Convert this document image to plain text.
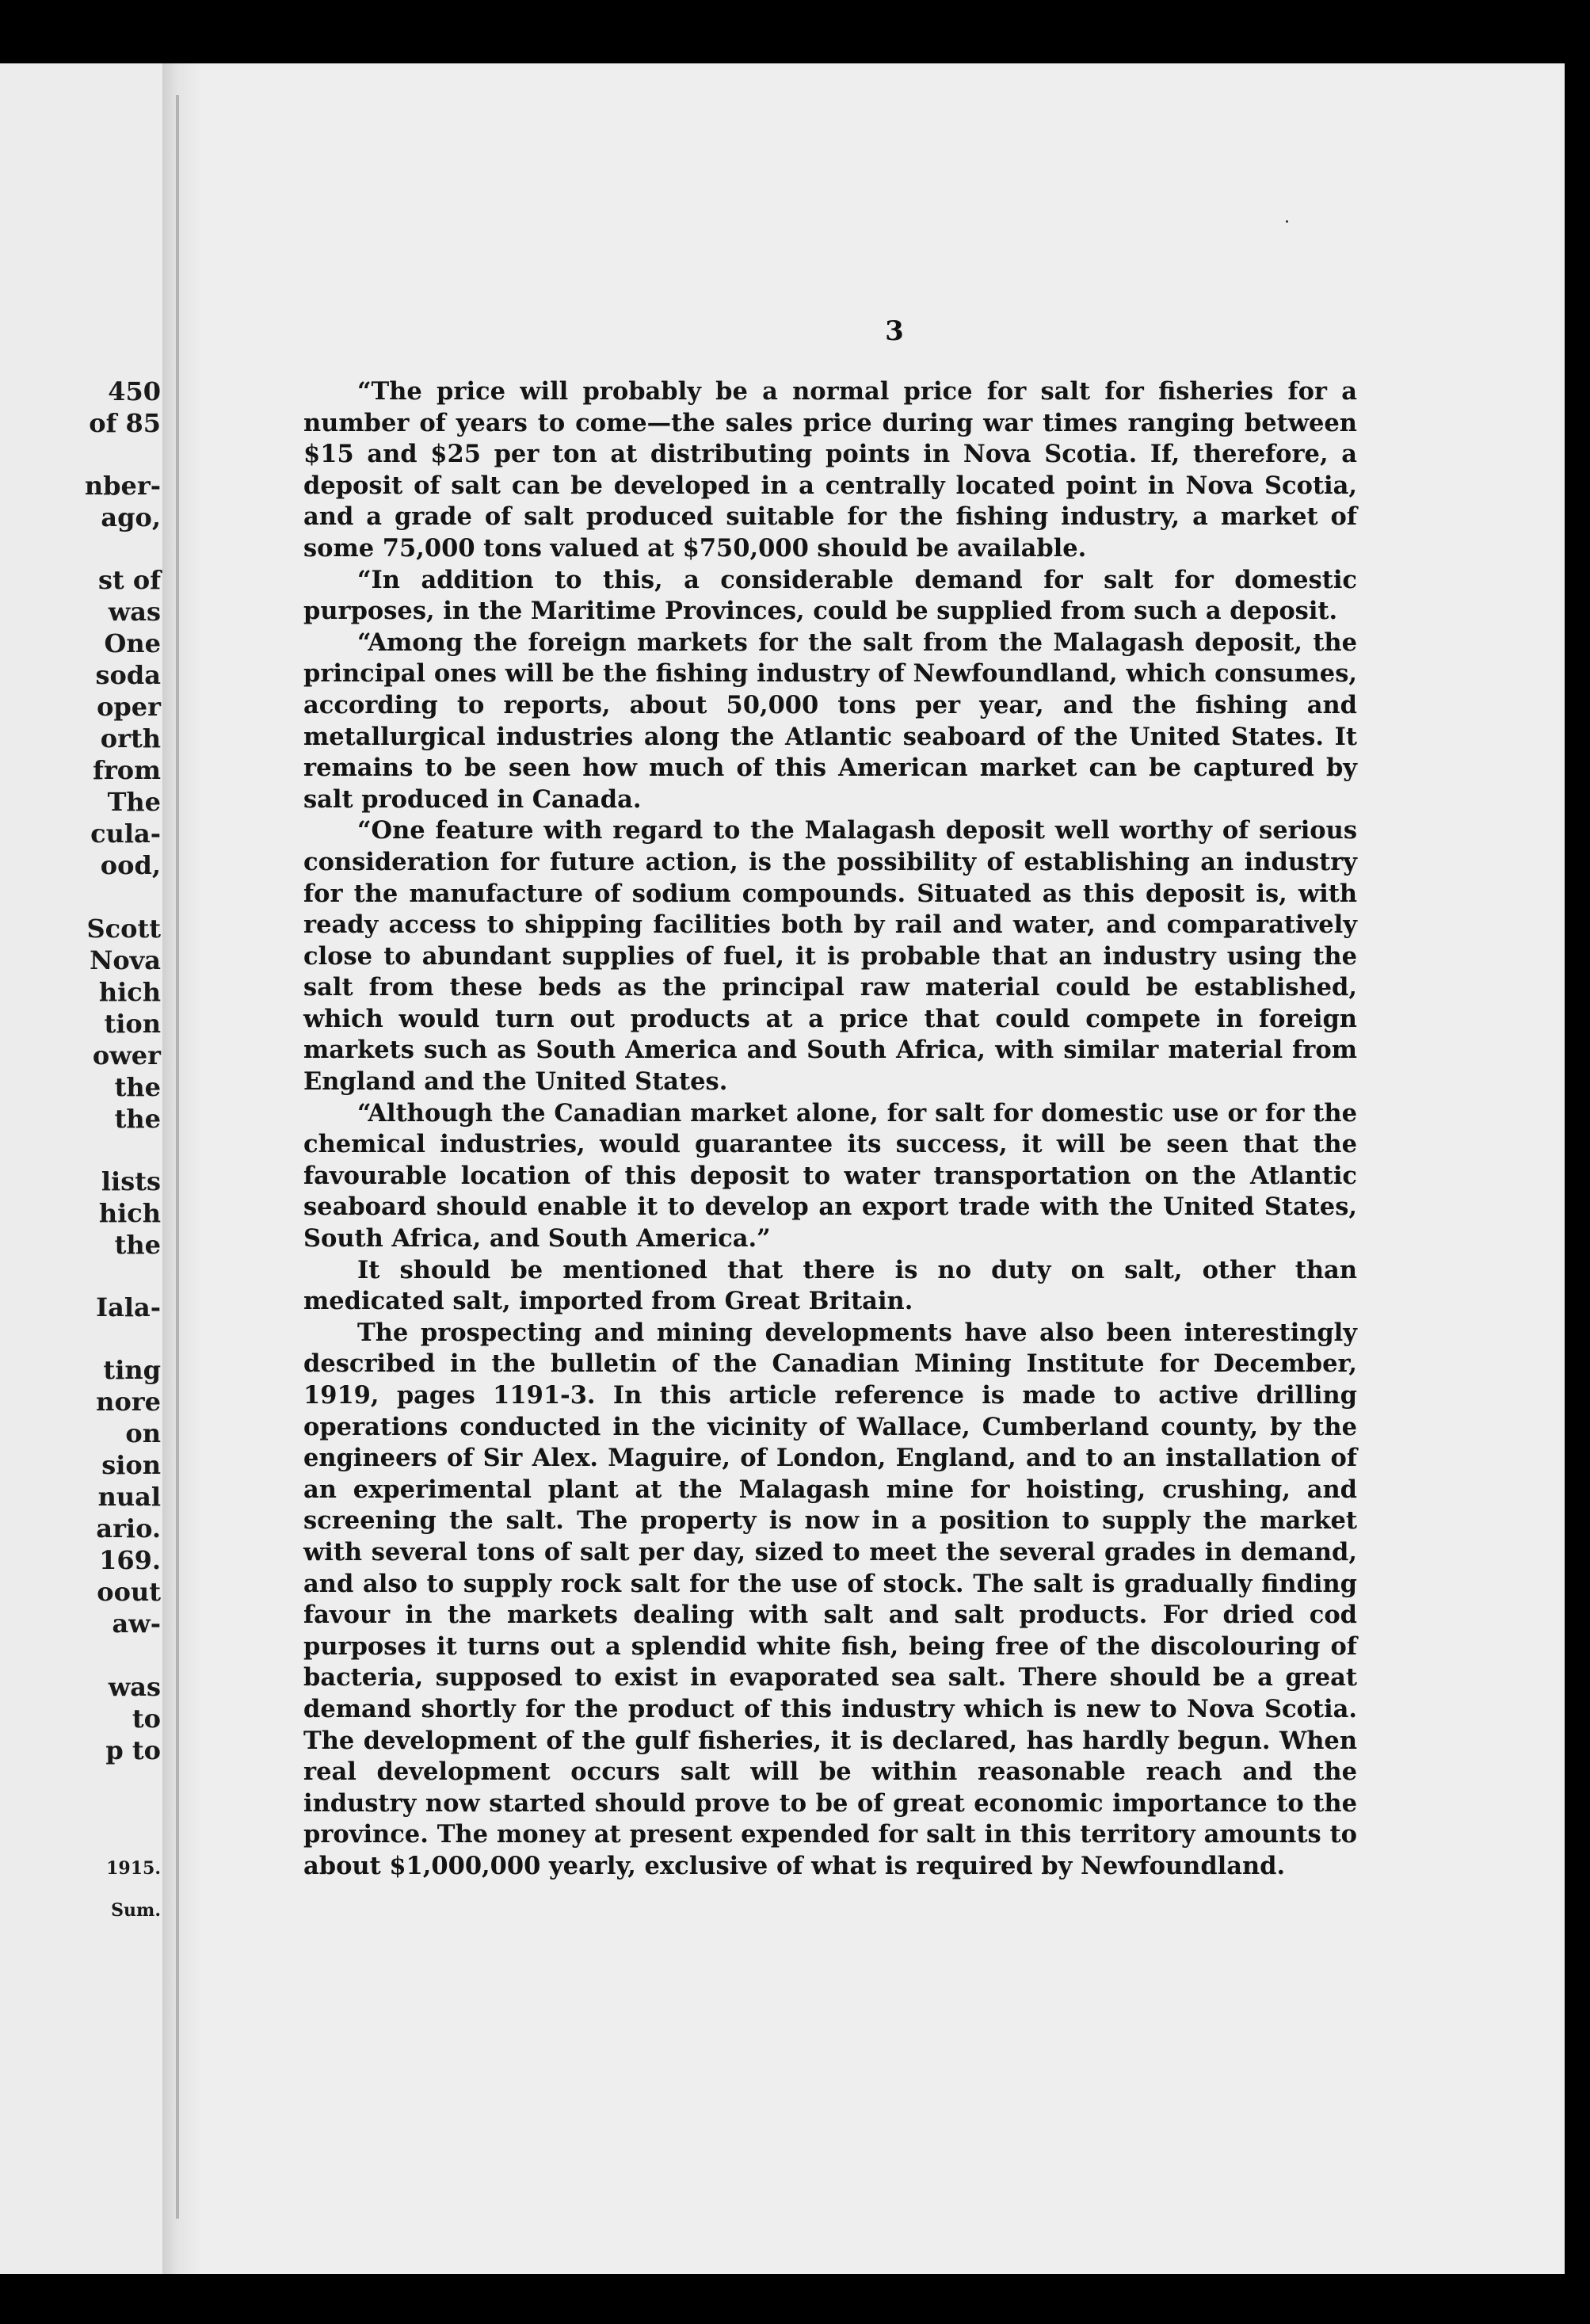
450
of 85
nber-
ago,
st of
was
One
soda
oper
orth
from
The
cula-
ood,
Scott
Nova
hich
tion
ower
the
the
lists
hich
the
Iala-
ting
nore
on
sion
nual
ario.
169.
oout
aw-
was
to
p to
1915.
Sum.
3

“The price will probably be a normal price for salt for fisheries for a number of years to come—the sales price during war times ranging between $15 and $25 per ton at distributing points in Nova Scotia. If, therefore, a deposit of salt can be developed in a centrally located point in Nova Scotia, and a grade of salt produced suitable for the fishing industry, a market of some 75,000 tons valued at $750,000 should be available.

“In addition to this, a considerable demand for salt for domestic purposes, in the Maritime Provinces, could be supplied from such a deposit.

“Among the foreign markets for the salt from the Malagash deposit, the principal ones will be the fishing industry of Newfoundland, which consumes, according to reports, about 50,000 tons per year, and the fishing and metallurgical industries along the Atlantic seaboard of the United States. It remains to be seen how much of this American market can be captured by salt produced in Canada.

“One feature with regard to the Malagash deposit well worthy of serious consideration for future action, is the possibility of establishing an industry for the manufacture of sodium compounds. Situated as this deposit is, with ready access to shipping facilities both by rail and water, and comparatively close to abundant supplies of fuel, it is probable that an industry using the salt from these beds as the principal raw material could be established, which would turn out products at a price that could compete in foreign markets such as South America and South Africa, with similar material from England and the United States.

“Although the Canadian market alone, for salt for domestic use or for the chemical industries, would guarantee its success, it will be seen that the favourable location of this deposit to water transportation on the Atlantic seaboard should enable it to develop an export trade with the United States, South Africa, and South America.”

It should be mentioned that there is no duty on salt, other than medicated salt, imported from Great Britain.

The prospecting and mining developments have also been interestingly described in the bulletin of the Canadian Mining Institute for December, 1919, pages 1191-3. In this article reference is made to active drilling operations conducted in the vicinity of Wallace, Cumberland county, by the engineers of Sir Alex. Maguire, of London, England, and to an installation of an experimental plant at the Malagash mine for hoisting, crushing, and screening the salt. The property is now in a position to supply the market with several tons of salt per day, sized to meet the several grades in demand, and also to supply rock salt for the use of stock. The salt is gradually finding favour in the markets dealing with salt and salt products. For dried cod purposes it turns out a splendid white fish, being free of the discolouring of bacteria, supposed to exist in evaporated sea salt. There should be a great demand shortly for the product of this industry which is new to Nova Scotia. The development of the gulf fisheries, it is declared, has hardly begun. When real development occurs salt will be within reasonable reach and the industry now started should prove to be of great economic importance to the province. The money at present expended for salt in this territory amounts to about $1,000,000 yearly, exclusive of what is required by Newfoundland.
